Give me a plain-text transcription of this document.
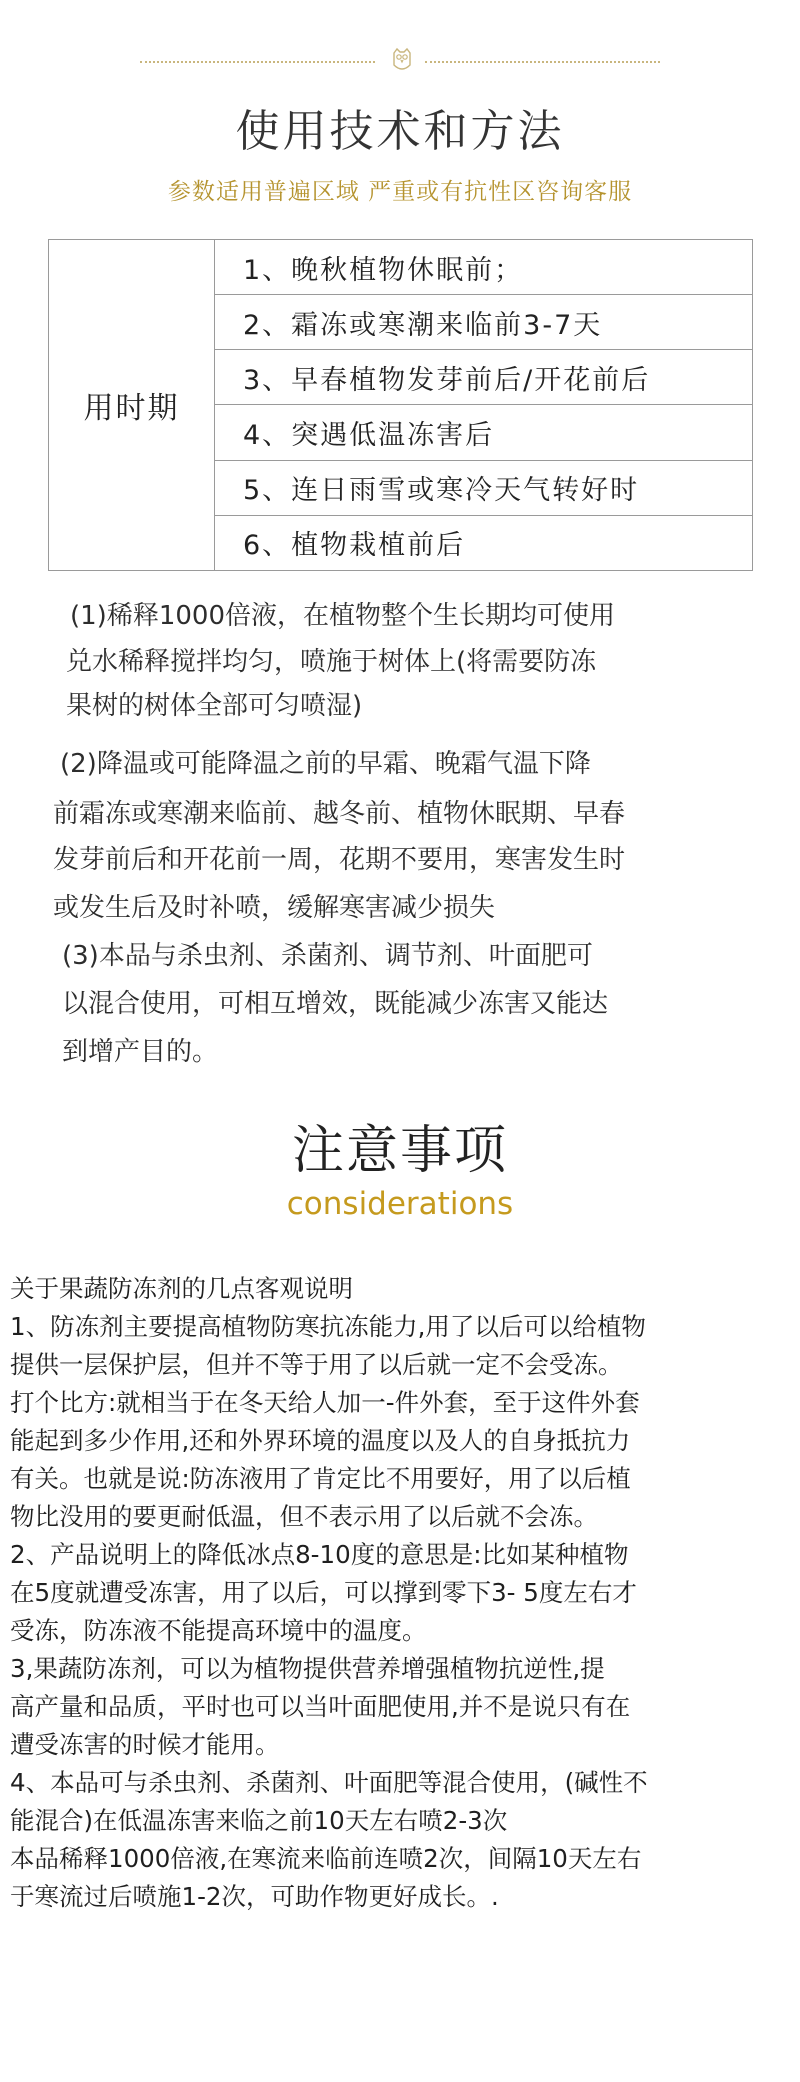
使用技术和方法
参数适用普遍区域 严重或有抗性区咨询客服
用时期	1、晚秋植物休眠前；
2、霜冻或寒潮来临前3-7天
3、早春植物发芽前后/开花前后
4、突遇低温冻害后
5、连日雨雪或寒冷天气转好时
6、植物栽植前后
(1)稀释1000倍液，在植物整个生长期均可使用
兑水稀释搅拌均匀，喷施于树体上(将需要防冻
果树的树体全部可匀喷湿)
(2)降温或可能降温之前的早霜、晚霜气温下降
前霜冻或寒潮来临前、越冬前、植物休眠期、早春
发芽前后和开花前一周，花期不要用，寒害发生时
或发生后及时补喷，缓解寒害减少损失
(3)本品与杀虫剂、杀菌剂、调节剂、叶面肥可
以混合使用，可相互增效，既能减少冻害又能达
到增产目的。
注意事项
considerations
关于果蔬防冻剂的几点客观说明
1、防冻剂主要提高植物防寒抗冻能力,用了以后可以给植物
提供一层保护层，但并不等于用了以后就一定不会受冻。
打个比方:就相当于在冬天给人加一-件外套，至于这件外套
能起到多少作用,还和外界环境的温度以及人的自身抵抗力
有关。也就是说:防冻液用了肯定比不用要好，用了以后植
物比没用的要更耐低温，但不表示用了以后就不会冻。
2、产品说明上的降低冰点8-10度的意思是:比如某种植物
在5度就遭受冻害，用了以后，可以撑到零下3- 5度左右才
受冻，防冻液不能提高环境中的温度。
3,果蔬防冻剂，可以为植物提供营养增强植物抗逆性,提
高产量和品质，平时也可以当叶面肥使用,并不是说只有在
遭受冻害的时候才能用。
4、本品可与杀虫剂、杀菌剂、叶面肥等混合使用，(碱性不
能混合)在低温冻害来临之前10天左右喷2-3次
本品稀释1000倍液,在寒流来临前连喷2次，间隔10天左右
于寒流过后喷施1-2次，可助作物更好成长。.
